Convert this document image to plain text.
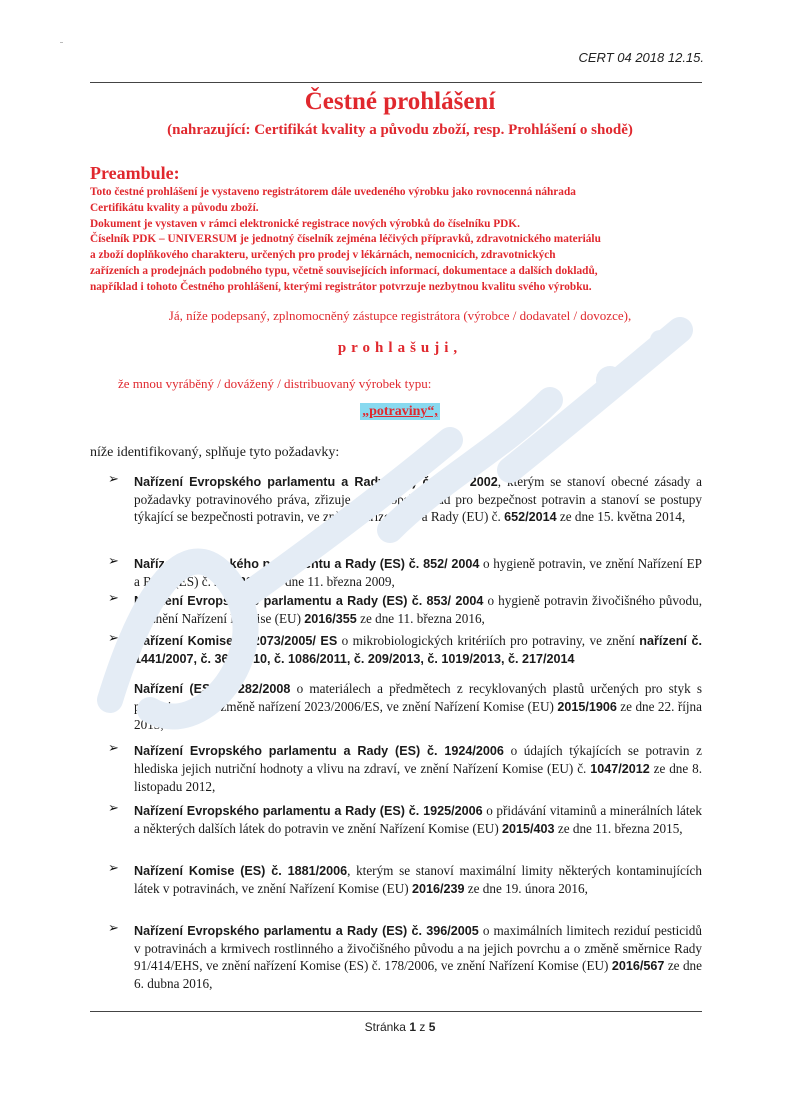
CERT 04 2018 12.15.
Čestné prohlášení
(nahrazující: Certifikát kvality a původu zboží, resp. Prohlášení o shodě)
Preambule:
Toto čestné prohlášení je vystaveno registrátorem dále uvedeného výrobku jako rovnocenná náhrada
Certifikátu kvality a původu zboží.
Dokument je vystaven v rámci elektronické registrace nových výrobků do číselníku PDK.
Číselník PDK – UNIVERSUM je jednotný číselník zejména léčivých přípravků, zdravotnického materiálu
a zboží doplňkového charakteru, určených pro prodej v lékárnách, nemocnicích, zdravotnických
zařízeních a prodejnách podobného typu, včetně souvisejících informací, dokumentace a dalších dokladů,
například i tohoto Čestného prohlášení, kterými registrátor potvrzuje nezbytnou kvalitu svého výrobku.
Já, níže podepsaný, zplnomocněný zástupce registrátora (výrobce / dodavatel / dovozce),
prohlašuji,
že mnou vyráběný / dovážený / distribuovaný výrobek typu:
„potraviny“,
níže identifikovaný, splňuje tyto požadavky:
➢ Nařízení Evropského parlamentu a Rady (ES) č. 178/ 2002, kterým se stanoví obecné zásady a požadavky potravinového práva, zřizuje se Evropský úřad pro bezpečnost potravin a stanoví se postupy týkající se bezpečnosti potravin, ve znění Nařízení EP a Rady (EU) č. 652/2014 ze dne 15. května 2014,
➢ Nařízení Evropského parlamentu a Rady (ES) č. 852/ 2004 o hygieně potravin, ve znění Nařízení EP a Rady (ES) č. 219/2009 ze dne 11. března 2009,
➢ Nařízení Evropského parlamentu a Rady (ES) č. 853/ 2004 o hygieně potravin živočišného původu, ve znění Nařízení Komise (EU) 2016/355 ze dne 11. března 2016,
➢ Nařízení Komise č. 2073/2005/ ES o mikrobiologických kritériích pro potraviny, ve znění nařízení č. 1441/2007, č. 365/2010, č. 1086/2011, č. 209/2013, č. 1019/2013, č. 217/2014
➢ Nařízení (ES) č. 282/2008 o materiálech a předmětech z recyklovaných plastů určených pro styk s potravinami a o změně nařízení 2023/2006/ES, ve znění Nařízení Komise (EU) 2015/1906 ze dne 22. října 2015,
➢ Nařízení Evropského parlamentu a Rady (ES) č. 1924/2006 o údajích týkajících se potravin z hlediska jejich nutriční hodnoty a vlivu na zdraví, ve znění Nařízení Komise (EU) č. 1047/2012 ze dne 8. listopadu 2012,
➢ Nařízení Evropského parlamentu a Rady (ES) č. 1925/2006 o přidávání vitaminů a minerálních látek a některých dalších látek do potravin ve znění Nařízení Komise (EU) 2015/403 ze dne 11. března 2015,
➢ Nařízení Komise (ES) č. 1881/2006, kterým se stanoví maximální limity některých kontaminujících látek v potravinách, ve znění Nařízení Komise (EU) 2016/239 ze dne 19. února 2016,
➢ Nařízení Evropského parlamentu a Rady (ES) č. 396/2005 o maximálních limitech reziduí pesticidů v potravinách a krmivech rostlinného a živočišného původu a na jejich povrchu a o změně směrnice Rady 91/414/EHS, ve znění nařízení Komise (ES) č. 178/2006, ve znění Nařízení Komise (EU) 2016/567 ze dne 6. dubna 2016,
Stránka 1 z 5
